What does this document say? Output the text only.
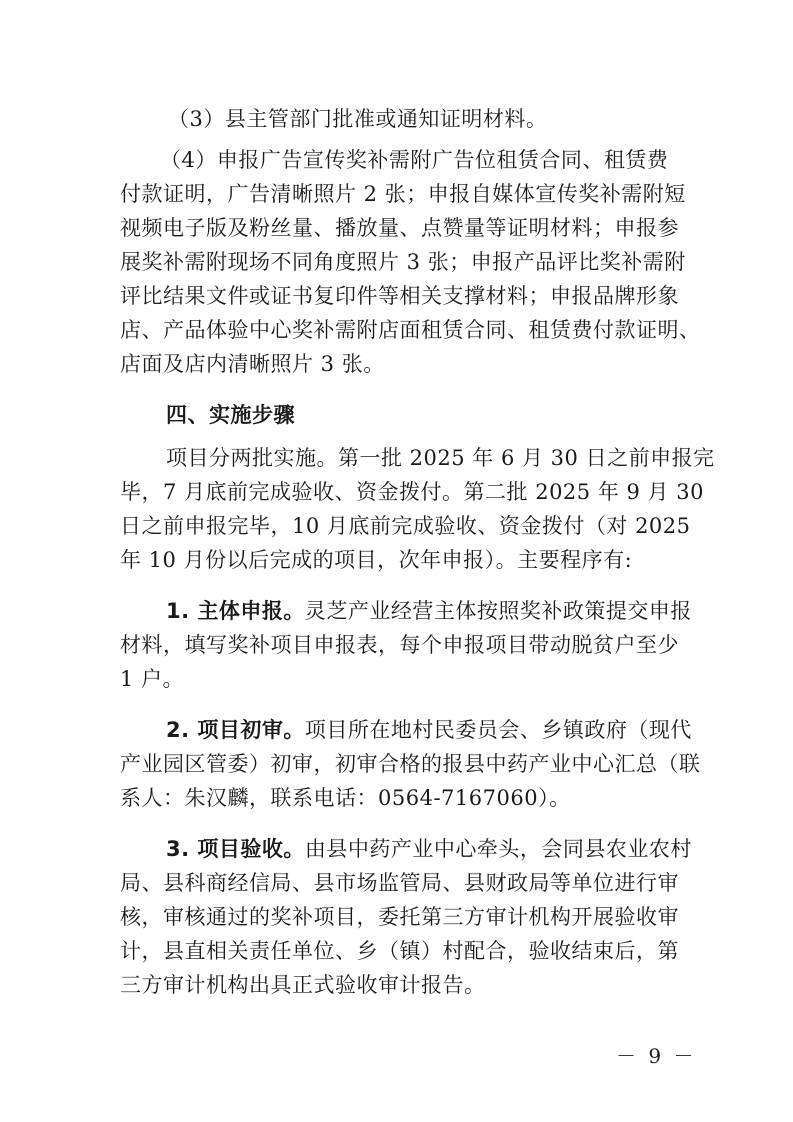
（3）县主管部门批准或通知证明材料。
（4）申报广告宣传奖补需附广告位租赁合同、租赁费
付款证明，广告清晰照片 2 张；申报自媒体宣传奖补需附短
视频电子版及粉丝量、播放量、点赞量等证明材料；申报参
展奖补需附现场不同角度照片 3 张；申报产品评比奖补需附
评比结果文件或证书复印件等相关支撑材料；申报品牌形象
店、产品体验中心奖补需附店面租赁合同、租赁费付款证明、
店面及店内清晰照片 3 张。
四、实施步骤
项目分两批实施。第一批 2025 年 6 月 30 日之前申报完
毕，7 月底前完成验收、资金拨付。第二批 2025 年 9 月 30
日之前申报完毕，10 月底前完成验收、资金拨付（对 2025
年 10 月份以后完成的项目，次年申报）。主要程序有:
1. 主体申报。灵芝产业经营主体按照奖补政策提交申报
材料，填写奖补项目申报表，每个申报项目带动脱贫户至少
1 户。
2. 项目初审。项目所在地村民委员会、乡镇政府（现代
产业园区管委）初审，初审合格的报县中药产业中心汇总（联
系人：朱汉麟，联系电话：0564-7167060）。
3. 项目验收。由县中药产业中心牵头，会同县农业农村
局、县科商经信局、县市场监管局、县财政局等单位进行审
核，审核通过的奖补项目，委托第三方审计机构开展验收审
计，县直相关责任单位、乡（镇）村配合，验收结束后，第
三方审计机构出具正式验收审计报告。
－ 9 －
